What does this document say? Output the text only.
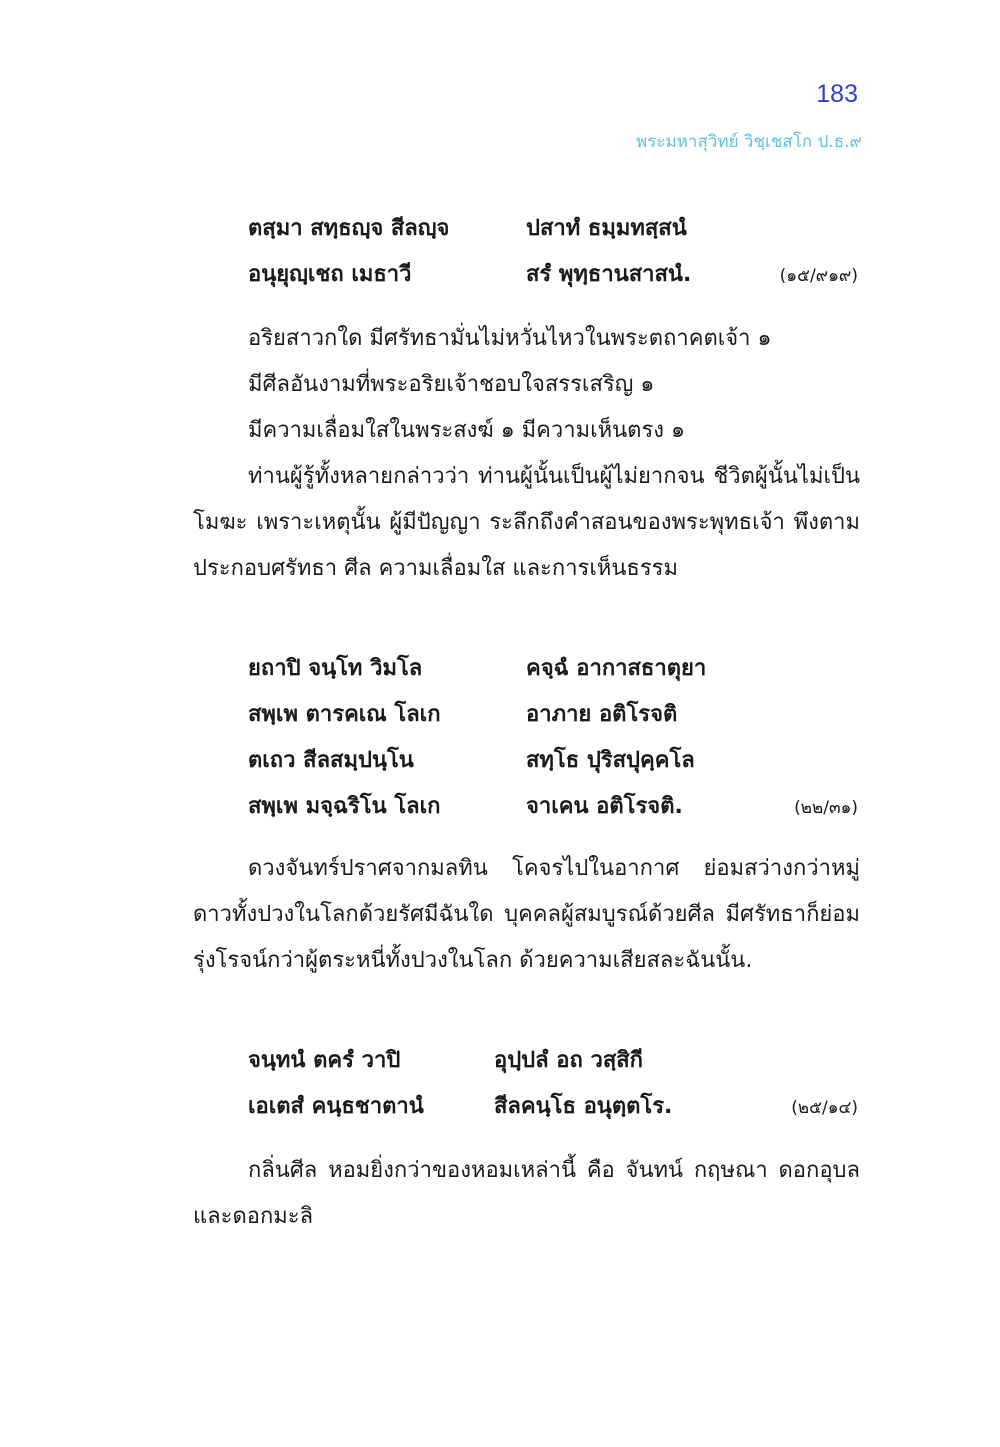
183
พระมหาสุวิทย์ วิชฺเชสโก ป.ธ.๙
ตสฺมา สทฺธญฺจ สีลญฺจ	ปสาทํ ธมฺมทสฺสนํ
อนุยุญฺเชถ เมธาวี	สรํ พุทฺธานสาสนํ.	(๑๕/๙๑๙)

อริยสาวกใด มีศรัทธามั่นไม่หวั่นไหวในพระตถาคตเจ้า ๑

มีศีลอันงามที่พระอริยเจ้าชอบใจสรรเสริญ ๑

มีความเลื่อมใสในพระสงฆ์ ๑ มีความเห็นตรง ๑

ท่านผู้รู้ทั้งหลายกล่าวว่า ท่านผู้นั้นเป็นผู้ไม่ยากจน ชีวิตผู้นั้นไม่เป็นโมฆะ เพราะเหตุนั้น ผู้มีปัญญา ระลึกถึงคำสอนของพระพุทธเจ้า พึงตามประกอบศรัทธา ศีล ความเลื่อมใส และการเห็นธรรม

ยถาปิ จนฺโท วิมโล	คจฺฉํ อากาสธาตุยา
สพฺเพ ตารคเณ โลเก	อาภาย อติโรจติ
ตเถว สีลสมฺปนฺโน	สทฺโธ ปุริสปุคฺคโล
สพฺเพ มจฺฉริโน โลเก	จาเคน อติโรจติ.	(๒๒/๓๑)

ดวงจันทร์ปราศจากมลทิน โคจรไปในอากาศ ย่อมสว่างกว่าหมู่ดาวทั้งปวงในโลกด้วยรัศมีฉันใด บุคคลผู้สมบูรณ์ด้วยศีล มีศรัทธาก็ย่อมรุ่งโรจน์กว่าผู้ตระหนี่ทั้งปวงในโลก ด้วยความเสียสละฉันนั้น.

จนฺทนํ ตครํ วาปิ	อุปฺปลํ อถ วสฺสิกี
เอเตสํ คนฺธชาตานํ	สีลคนฺโธ อนุตฺตโร.	(๒๕/๑๔)

กลิ่นศีล หอมยิ่งกว่าของหอมเหล่านี้ คือ จันทน์ กฤษณา ดอกอุบล และดอกมะลิ
